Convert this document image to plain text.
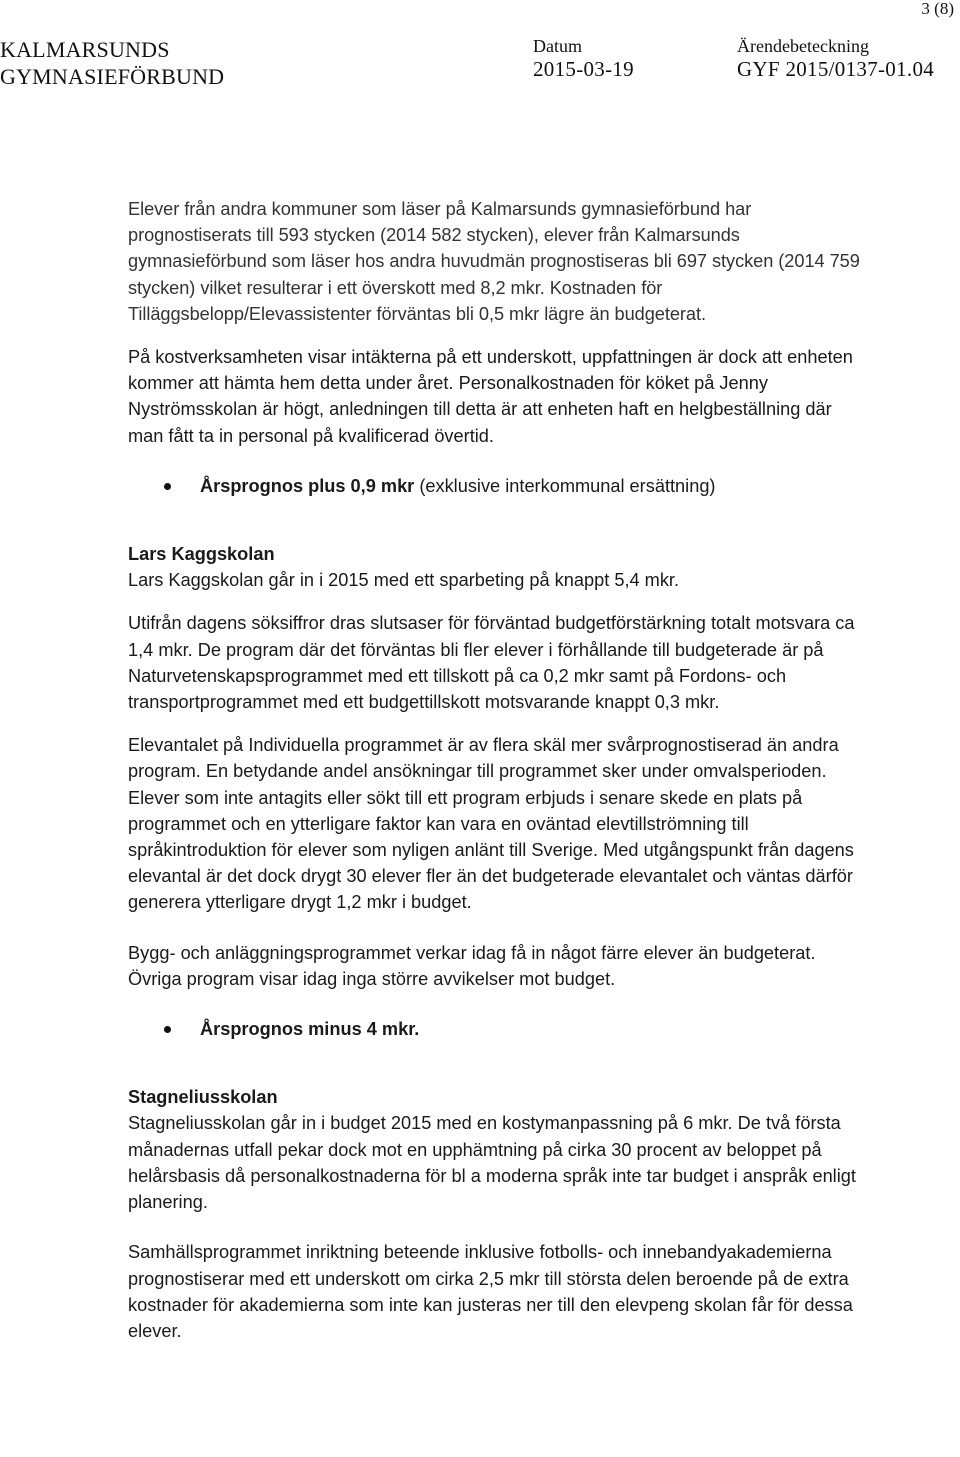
3 (8)
KALMARSUNDS
GYMNASIEFÖRBUND
Datum
2015-03-19
Ärendebeteckning
GYF 2015/0137-01.04

Elever från andra kommuner som läser på Kalmarsunds gymnasieförbund har prognostiserats till 593 stycken (2014 582 stycken), elever från Kalmarsunds gymnasieförbund som läser hos andra huvudmän prognostiseras bli 697 stycken (2014 759 stycken) vilket resulterar i ett överskott med 8,2 mkr. Kostnaden för Tilläggsbelopp/Elevassistenter förväntas bli 0,5 mkr lägre än budgeterat.

På kostverksamheten visar intäkterna på ett underskott, uppfattningen är dock att enheten kommer att hämta hem detta under året. Personalkostnaden för köket på Jenny Nyströmsskolan är högt, anledningen till detta är att enheten haft en helgbeställning där man fått ta in personal på kvalificerad övertid.

Årsprognos plus 0,9 mkr (exklusive interkommunal ersättning)

Lars Kaggskolan

Lars Kaggskolan går in i 2015 med ett sparbeting på knappt 5,4 mkr.

Utifrån dagens söksiffror dras slutsaser för förväntad budgetförstärkning totalt motsvara ca 1,4 mkr. De program där det förväntas bli fler elever i förhållande till budgeterade är på Naturvetenskapsprogrammet med ett tillskott på ca 0,2 mkr samt på Fordons- och transportprogrammet med ett budgettillskott motsvarande knappt 0,3 mkr.

Elevantalet på Individuella programmet är av flera skäl mer svårprognostiserad än andra program. En betydande andel ansökningar till programmet sker under omvalsperioden. Elever som inte antagits eller sökt till ett program erbjuds i senare skede en plats på programmet och en ytterligare faktor kan vara en oväntad elevtillströmning till språkintroduktion för elever som nyligen anlänt till Sverige. Med utgångspunkt från dagens elevantal är det dock drygt 30 elever fler än det budgeterade elevantalet och väntas därför generera ytterligare drygt 1,2 mkr i budget.

Bygg- och anläggningsprogrammet verkar idag få in något färre elever än budgeterat. Övriga program visar idag inga större avvikelser mot budget.

Årsprognos minus 4 mkr.

Stagneliusskolan

Stagneliusskolan går in i budget 2015 med en kostymanpassning på 6 mkr. De två första månadernas utfall pekar dock mot en upphämtning på cirka 30 procent av beloppet på helårsbasis då personalkostnaderna för bl a moderna språk inte tar budget i anspråk enligt planering.

Samhällsprogrammet inriktning beteende inklusive fotbolls- och innebandyakademierna prognostiserar med ett underskott om cirka 2,5 mkr till största delen beroende på de extra kostnader för akademierna som inte kan justeras ner till den elevpeng skolan får för dessa elever.
